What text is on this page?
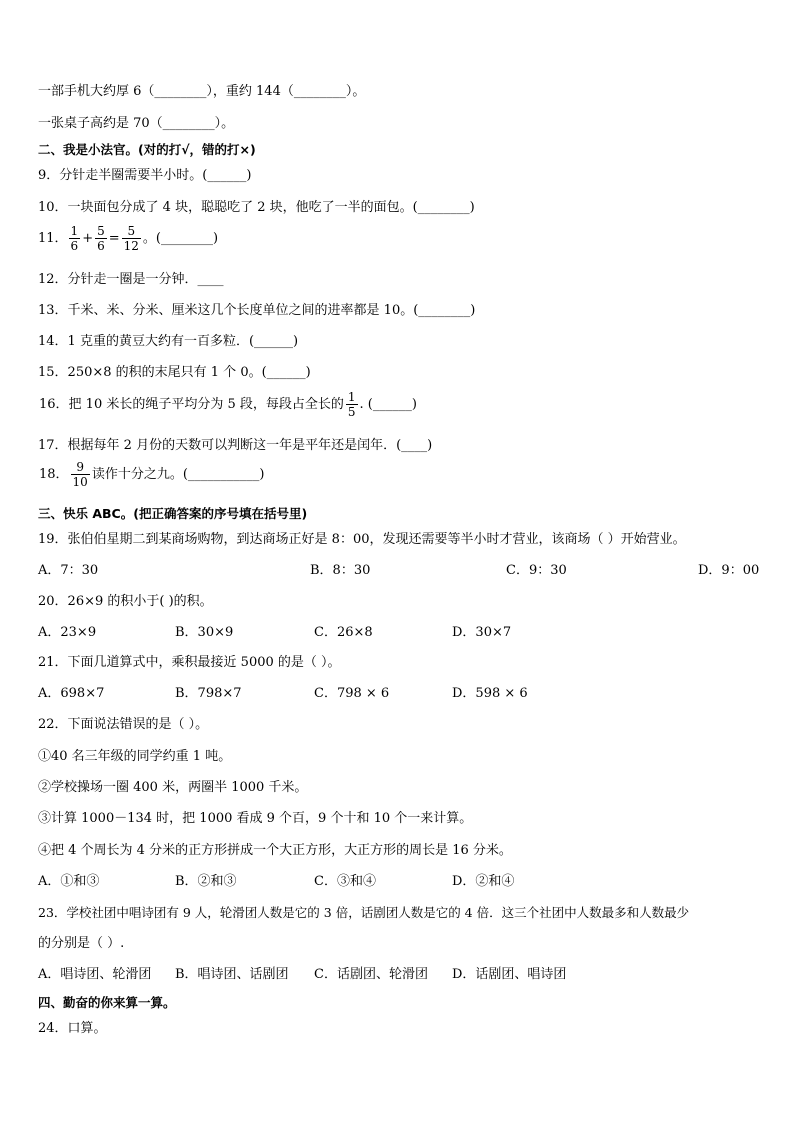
一部手机大约厚 6（________），重约 144（________）。
一张桌子高约是 70（________）。
二、我是小法官。(对的打√，错的打×)
9．分针走半圈需要半小时。(______)
10．一块面包分成了 4 块，聪聪吃了 2 块，他吃了一半的面包。(________)
11． $\frac{1}{6} + \frac{5}{6} = \frac{5}{12}$ 。(________)
12．分针走一圈是一分钟．____
13．千米、米、分米、厘米这几个长度单位之间的进率都是 10。(________)
14．1 克重的黄豆大约有一百多粒．(______)
15．250×8 的积的末尾只有 1 个 0。(______)
16．把 10 米长的绳子平均分为 5 段，每段占全长的 $\frac{1}{5}$ . (______)
17．根据每年 2 月份的天数可以判断这一年是平年还是闰年．(____)
18． $\frac{9}{10}$ 读作十分之九。(___________)
三、快乐 ABC。(把正确答案的序号填在括号里)
19．张伯伯星期二到某商场购物，到达商场正好是 8：00，发现还需要等半小时才营业，该商场（ ）开始营业。
A．7：30	B．8：30	C．9：30	D．9：00
20．26×9 的积小于( )的积。
A．23×9	B．30×9	C．26×8	D．30×7
21．下面几道算式中，乘积最接近 5000 的是（ ）。
A．698×7	B．798×7	C．798 × 6	D．598 × 6
22．下面说法错误的是（ ）。
①40 名三年级的同学约重 1 吨。
②学校操场一圈 400 米，两圈半 1000 千米。
③计算 1000－134 时，把 1000 看成 9 个百，9 个十和 10 个一来计算。
④把 4 个周长为 4 分米的正方形拼成一个大正方形，大正方形的周长是 16 分米。
A．①和③	B．②和③	C．③和④	D．②和④
23．学校社团中唱诗团有 9 人，轮滑团人数是它的 3 倍，话剧团人数是它的 4 倍．这三个社团中人数最多和人数最少
的分别是（ ）.
A．唱诗团、轮滑团 B．唱诗团、话剧团 C．话剧团、轮滑团 D．话剧团、唱诗团
四、勤奋的你来算一算。
24．口算。
